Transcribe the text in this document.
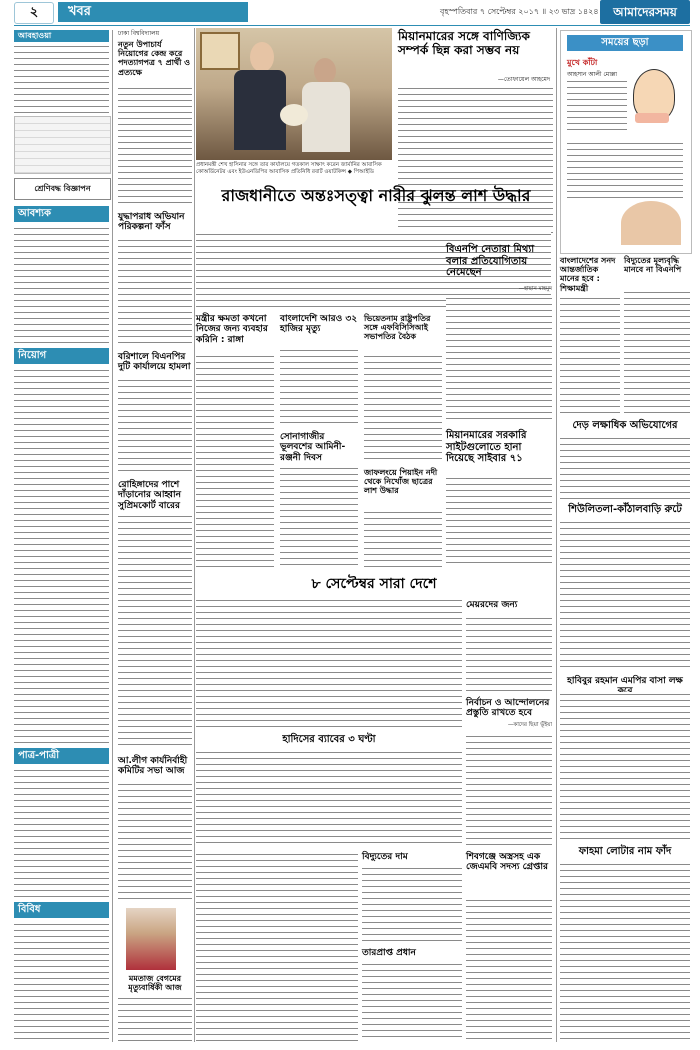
২	খবর	বৃহস্পতিবার ৭ সেপ্টেম্বর ২০১৭ ॥ ২৩ ভাদ্র ১৪২৪	আমাদেরসময়
আবহাওয়া
শ্রেণিবদ্ধ বিজ্ঞাপন
আবশ্যক
নিয়োগ
পাত্র-পাত্রী
বিবিধ
ঢাকা বিশ্ববিদ্যালয়
নতুন উপাচার্য নিয়োগের কেন্দ্র করে পদত্যাগপত্র ৭ প্রার্থী ও প্রত্যক্ষে
প্রধানমন্ত্রী শেখ হাসিনার সঙ্গে তার কার্যালয়ে গতকাল সাক্ষাৎ করেন জার্মানির আবাসিক কোঅর্ডিনেটর এবং ইউএনডিপির আবাসিক প্রতিনিধি রবার্ট ওয়াটকিন্স ◆ পিআইডি
মিয়ানমারের সঙ্গে বাণিজ্যিক সম্পর্ক ছিন্ন করা সম্ভব নয়
—তোফায়েল আহমেদ
সময়ের ছড়া
মুখে কাঁটা
আহসান আলী মোল্লা
রাজধানীতে অন্তঃসত্ত্বা নারীর ঝুলন্ত লাশ উদ্ধার
যুদ্ধাপরাধ অভিযান পরিকল্পনা ফাঁস
বরিশালে বিএনপির দুটি কার্যালয়ে হামলা
রোহিঙ্গাদের পাশে দাঁড়ানোর আহ্বান সুপ্রিমকোর্ট বারের
আ.লীগ কার্যনির্বাহী কমিটির সভা আজ
মমতাজ বেগমের মৃত্যুবার্ষিকী আজ
মন্ত্রীর ক্ষমতা কখনো নিজের জন্য ব্যবহার করিনি : রাঙ্গা
বাংলাদেশি আরও ৩২ হাজির মৃত্যু
সোনাগাজীর ভূলবশের আমিনী-রঞ্জনী দিবস
ভিয়েতনাম রাষ্ট্রপতির সঙ্গে এফবিসিসিআই সভাপতির বৈঠক
জাফলংয়ে পিয়াইন নদী থেকে নিখোঁজ ছাত্রের লাশ উদ্ধার
বিএনপি নেতারা মিথ্যা বলার প্রতিযোগিতায় নেমেছেন
—হাছান মাহমুদ
মিয়ানমারের সরকারি সাইটগুলোতে হানা দিয়েছে সাইবার ৭১
৮ সেপ্টেম্বর সারা দেশে
মেয়রদের জন্য
নির্বাচন ও আন্দোলনের প্রস্তুতি রাখতে হবে
—কাদের ছিয়া ভূঁইয়া
হাদিসের ব্যাবের ৩ ঘণ্টা
বিদ্যুতের দাম
তারপ্রাপ্ত প্রধান
শিবগঞ্জে অস্ত্রসহ এক জেএমবি সদস্য গ্রেপ্তার
বাংলাদেশের সনদ আন্তর্জাতিক মানের হবে : শিক্ষামন্ত্রী
বিদ্যুতের মূল্যবৃদ্ধি মানবে না বিএনপি
দেড় লক্ষাধিক অভিযোগের
শিউলিতলা-কাঁঠালবাড়ি রুটে
হাবিবুর রহমান এমপির বাসা লক্ষ
ফাহমা লোটার নাম ফাঁদ
